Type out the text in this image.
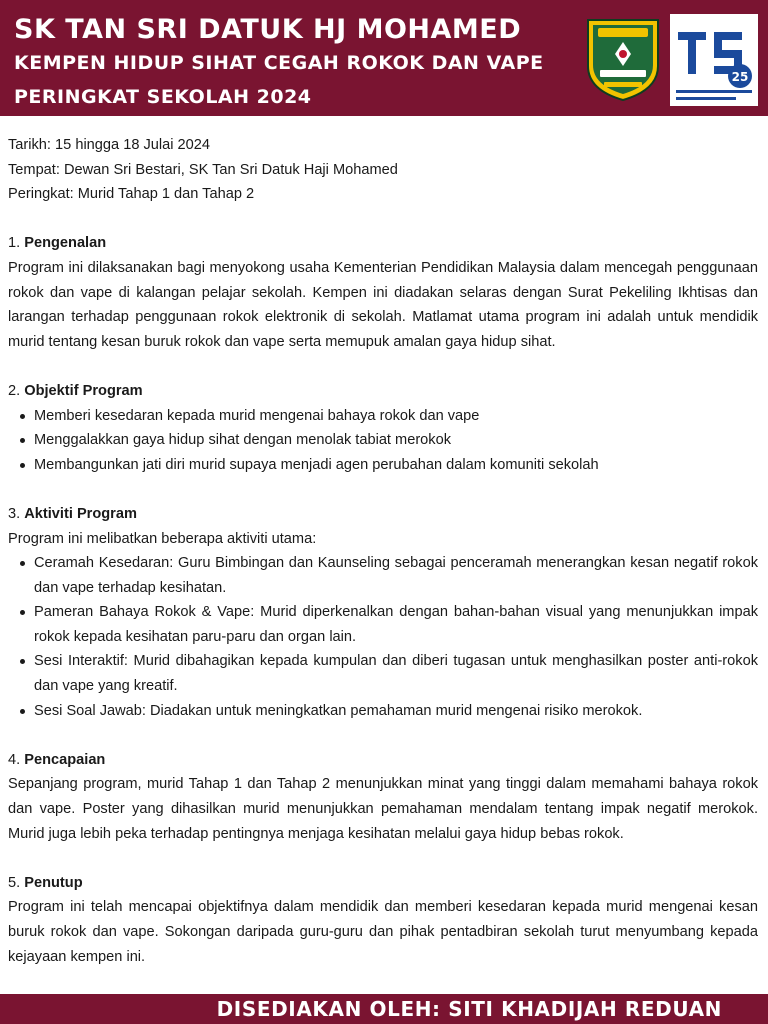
SK TAN SRI DATUK HJ MOHAMED
KEMPEN HIDUP SIHAT CEGAH ROKOK DAN VAPE
PERINGKAT SEKOLAH 2024
25
Tarikh: 15 hingga 18 Julai 2024
Tempat: Dewan Sri Bestari, SK Tan Sri Datuk Haji Mohamed
Peringkat: Murid Tahap 1 dan Tahap 2
1. Pengenalan
Program ini dilaksanakan bagi menyokong usaha Kementerian Pendidikan Malaysia dalam mencegah penggunaan rokok dan vape di kalangan pelajar sekolah. Kempen ini diadakan selaras dengan Surat Pekeliling Ikhtisas dan larangan terhadap penggunaan rokok elektronik di sekolah. Matlamat utama program ini adalah untuk mendidik murid tentang kesan buruk rokok dan vape serta memupuk amalan gaya hidup sihat.
2. Objektif Program
Memberi kesedaran kepada murid mengenai bahaya rokok dan vape
Menggalakkan gaya hidup sihat dengan menolak tabiat merokok
Membangunkan jati diri murid supaya menjadi agen perubahan dalam komuniti sekolah
3. Aktiviti Program
Program ini melibatkan beberapa aktiviti utama:
Ceramah Kesedaran: Guru Bimbingan dan Kaunseling sebagai penceramah menerangkan kesan negatif rokok dan vape terhadap kesihatan.
Pameran Bahaya Rokok & Vape: Murid diperkenalkan dengan bahan-bahan visual yang menunjukkan impak rokok kepada kesihatan paru-paru dan organ lain.
Sesi Interaktif: Murid dibahagikan kepada kumpulan dan diberi tugasan untuk menghasilkan poster anti-rokok dan vape yang kreatif.
Sesi Soal Jawab: Diadakan untuk meningkatkan pemahaman murid mengenai risiko merokok.
4. Pencapaian
Sepanjang program, murid Tahap 1 dan Tahap 2 menunjukkan minat yang tinggi dalam memahami bahaya rokok dan vape. Poster yang dihasilkan murid menunjukkan pemahaman mendalam tentang impak negatif merokok. Murid juga lebih peka terhadap pentingnya menjaga kesihatan melalui gaya hidup bebas rokok.
5. Penutup
Program ini telah mencapai objektifnya dalam mendidik dan memberi kesedaran kepada murid mengenai kesan buruk rokok dan vape. Sokongan daripada guru-guru dan pihak pentadbiran sekolah turut menyumbang kepada kejayaan kempen ini.
DISEDIAKAN OLEH: SITI KHADIJAH REDUAN
